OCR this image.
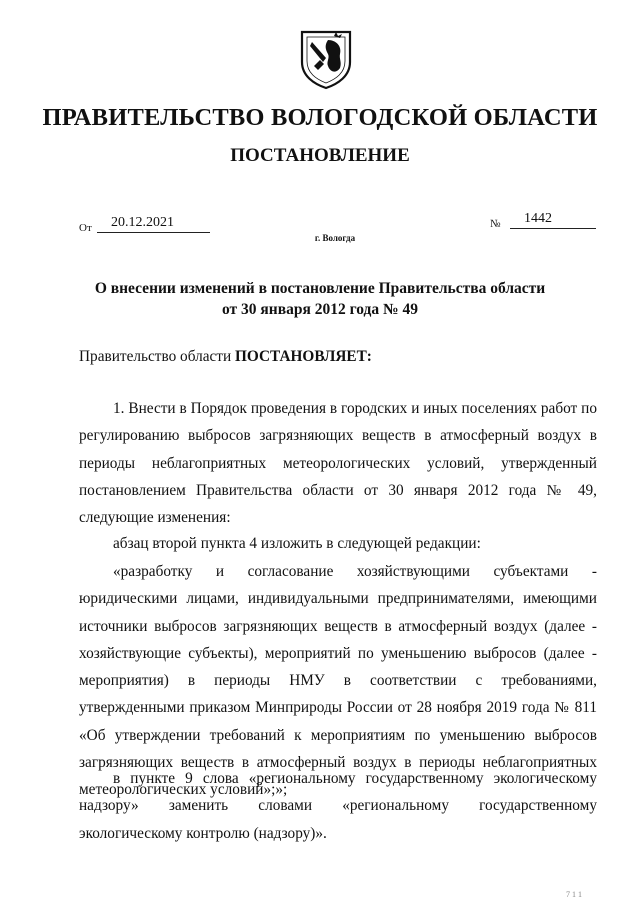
ПРАВИТЕЛЬСТВО ВОЛОГОДСКОЙ ОБЛАСТИ
ПОСТАНОВЛЕНИЕ
От	20.12.2021	№	1442
г. Вологда
О внесении изменений в постановление Правительства области
от 30 января 2012 года № 49
Правительство области ПОСТАНОВЛЯЕТ:
1. Внести в Порядок проведения в городских и иных поселениях работ по регулированию выбросов загрязняющих веществ в атмосферный воздух в периоды неблагоприятных метеорологических условий, утвержденный постановлением Правительства области от 30 января 2012 года № 49, следующие изменения:
абзац второй пункта 4 изложить в следующей редакции:
«разработку и согласование хозяйствующими субъектами - юридическими лицами, индивидуальными предпринимателями, имеющими источники выбросов загрязняющих веществ в атмосферный воздух (далее - хозяйствующие субъекты), мероприятий по уменьшению выбросов (далее - мероприятия) в периоды НМУ в соответствии с требованиями, утвержденными приказом Минприроды России от 28 ноября 2019 года № 811 «Об утверждении требований к мероприятиям по уменьшению выбросов загрязняющих веществ в атмосферный воздух в периоды неблагоприятных метеорологических условий»;»;
в пункте 9 слова «региональному государственному экологическому надзору» заменить словами «региональному государственному экологическому контролю (надзору)».
7 1 1
